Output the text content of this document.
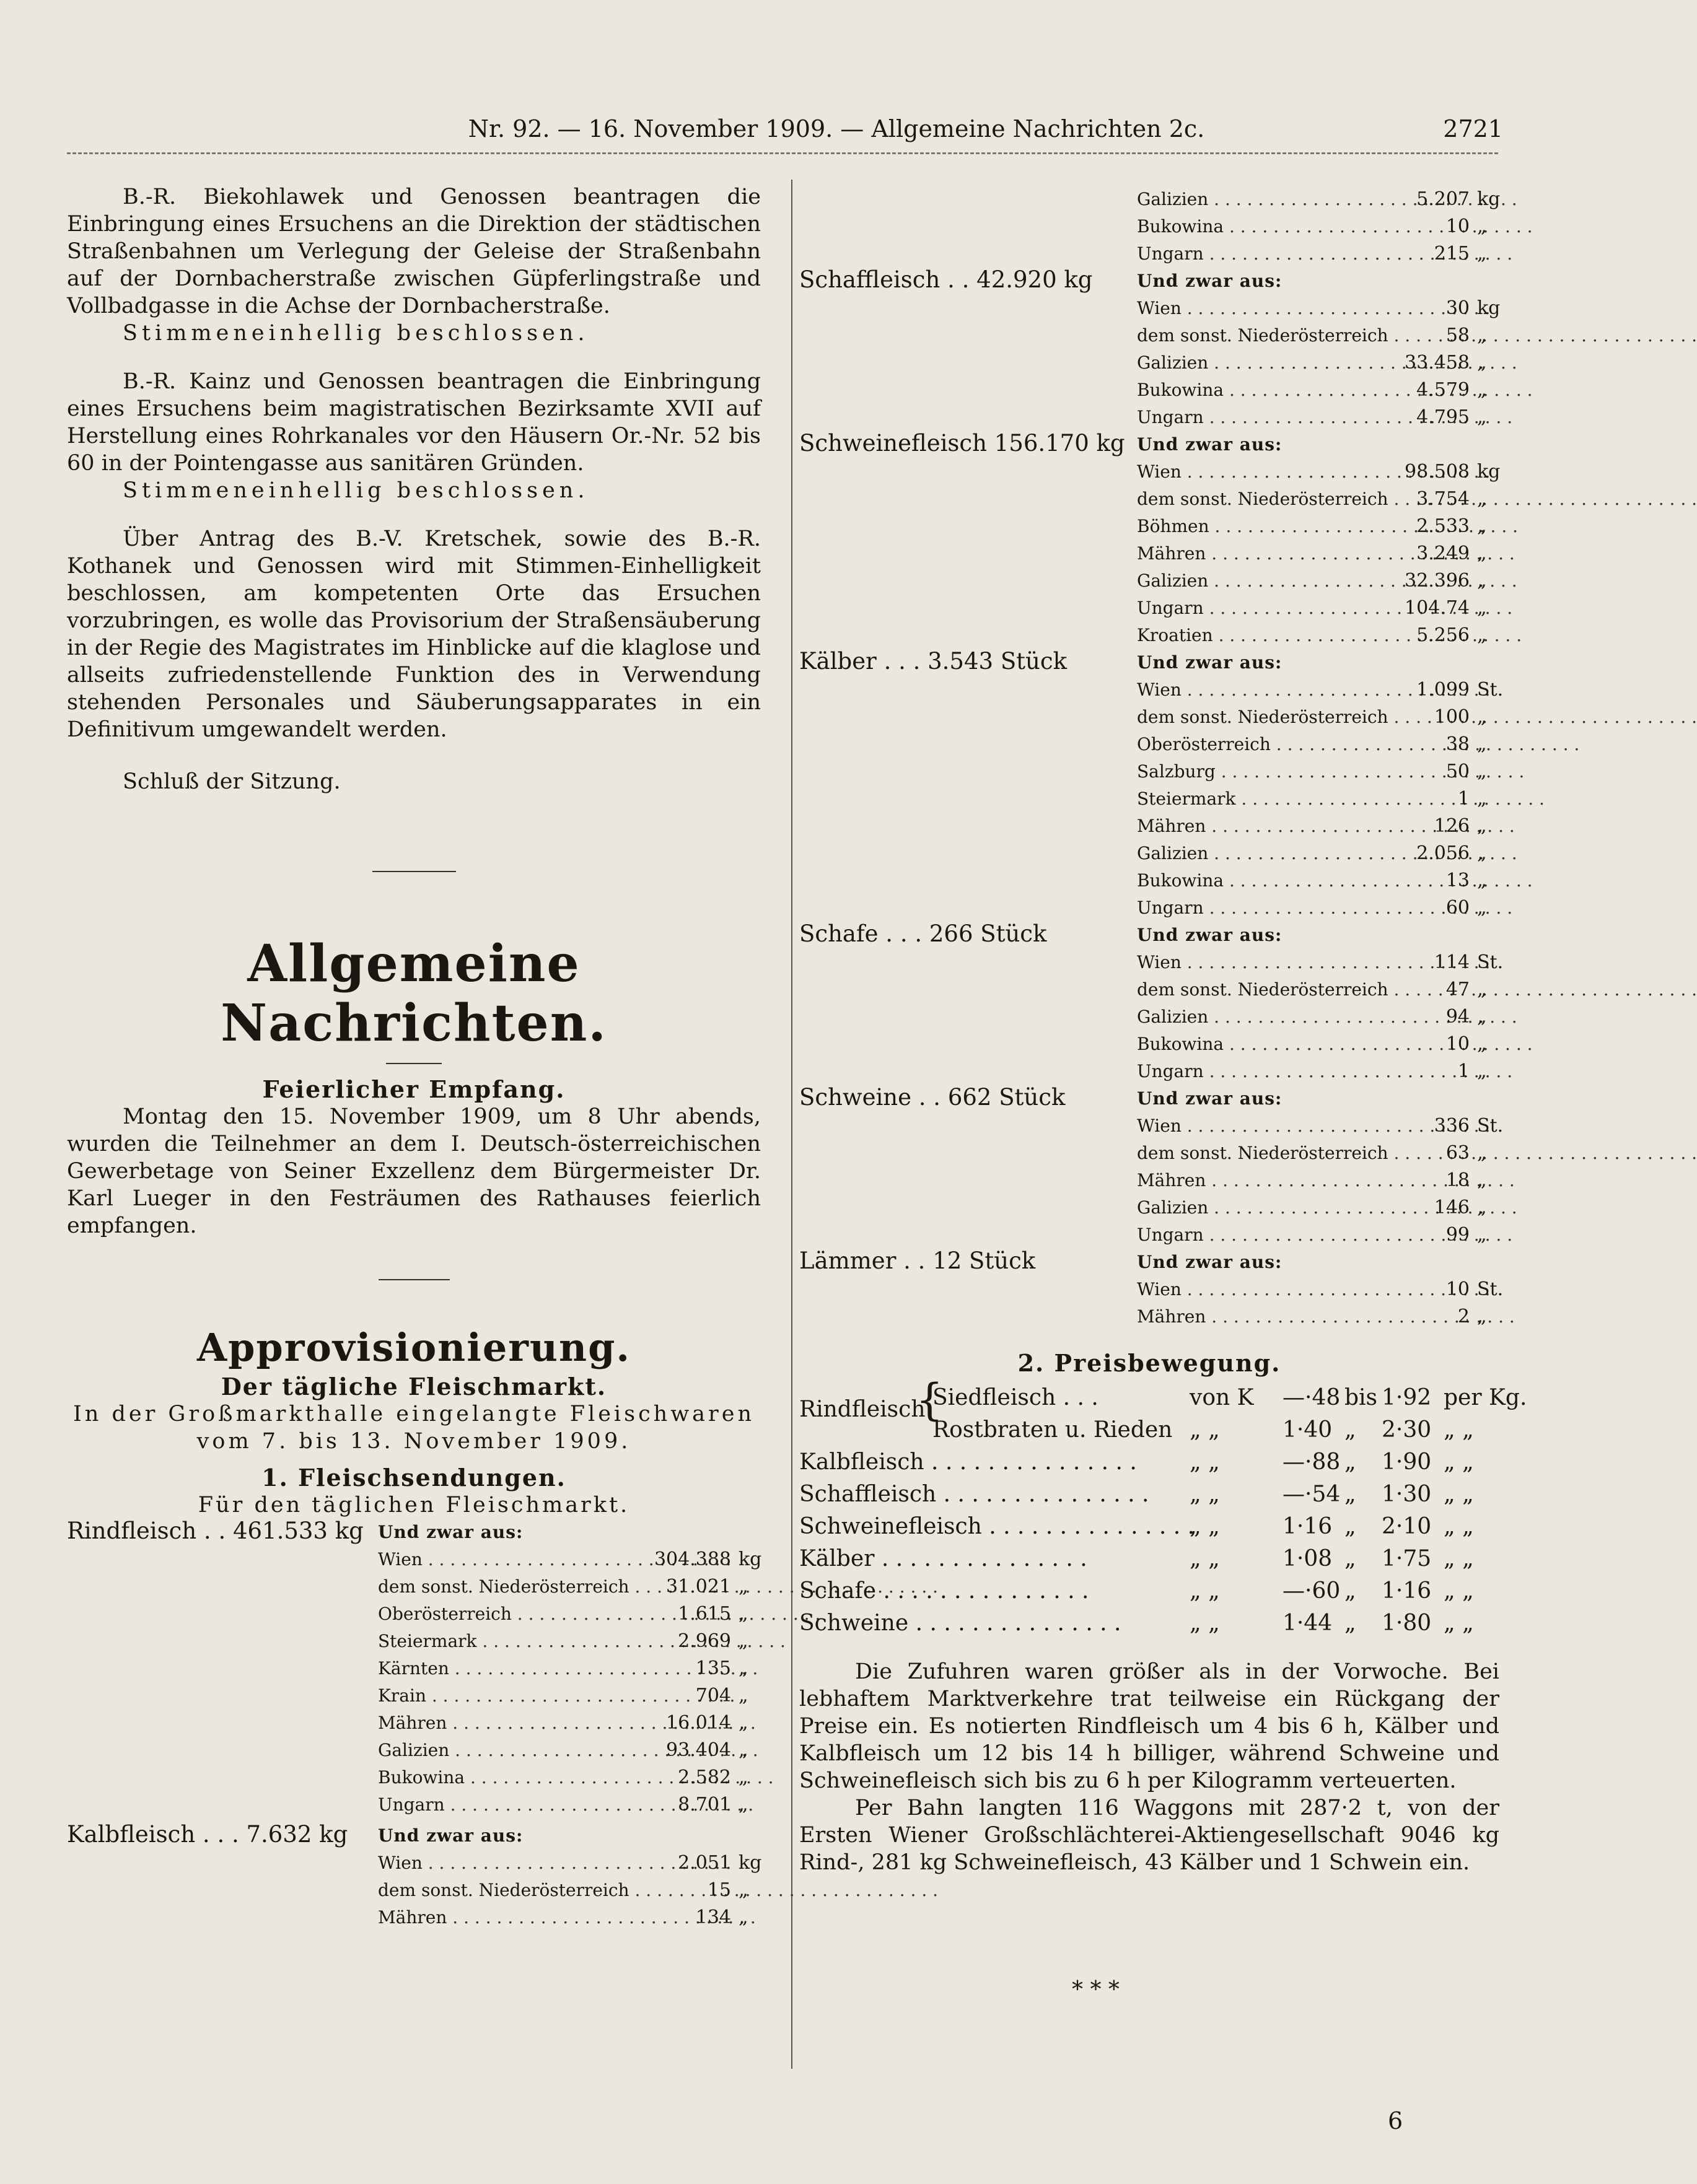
Nr. 92. — 16. November 1909. — Allgemeine Nachrichten 2c.	2721

B.-R. Biekohlawek und Genossen beantragen die Einbringung eines Ersuchens an die Direktion der städtischen Straßenbahnen um Verlegung der Geleise der Straßenbahn auf der Dornbacherstraße zwischen Güpferlingstraße und Vollbadgasse in die Achse der Dornbacherstraße.

Stimmeneinhellig beschlossen.

B.-R. Kainz und Genossen beantragen die Einbringung eines Ersuchens beim magistratischen Bezirksamte XVII auf Herstellung eines Rohrkanales vor den Häusern Or.-Nr. 52 bis 60 in der Pointengasse aus sanitären Gründen.

Stimmeneinhellig beschlossen.

Über Antrag des B.-V. Kretschek, sowie des B.-R. Kothanek und Genossen wird mit Stimmen-Einhelligkeit beschlossen, am kompetenten Orte das Ersuchen vorzubringen, es wolle das Provisorium der Straßensäuberung in der Regie des Magistrates im Hinblicke auf die klaglose und allseits zufriedenstellende Funktion des in Verwendung stehenden Personales und Säuberungsapparates in ein Definitivum umgewandelt werden.

Schluß der Sitzung.

Allgemeine Nachrichten.

Feierlicher Empfang.

Montag den 15. November 1909, um 8 Uhr abends, wurden die Teilnehmer an dem I. Deutsch-österreichischen Gewerbetage von Seiner Exzellenz dem Bürgermeister Dr. Karl Lueger in den Festräumen des Rathauses feierlich empfangen.

Approvisionierung.

Der tägliche Fleischmarkt.

In der Großmarkthalle eingelangte Fleischwaren vom 7. bis 13. November 1909.

1. Fleischsendungen.

Für den täglichen Fleischmarkt.

Rindfleisch . . 461.533 kg Und zwar aus:
Wien . . .	304.388 kg
dem sonst. Niederösterreich . . . 31.021 „
Oberösterreich . . .	1.615 „
Steiermark . . .	2.969 „
Kärnten . . .	135 „
Krain . . .	704 „
Mähren . . .	16.014 „
Galizien . . .	93.404 „
Bukowina . . .	2.582 „
Ungarn . . .	8.701 „
Kalbfleisch . . . 7.632 kg Und zwar aus:
Wien . . .	2.051 kg
dem sonst. Niederösterreich . . .	15 „
Mähren . . .	134 „
Galizien . . .	5.207 kg
Bukowina . . .	10 „
Ungarn . . .	215 „
Schaffleisch . . 42.920 kg	Und zwar aus:
Wien . . .	30 kg
dem sonst. Niederösterreich . . .	58 „
Galizien . . .	33.458 „
Bukowina . . .	4.579 „
Ungarn . . .	4.795 „
Schweinefleisch 156.170 kg Und zwar aus:
Wien . . .	98.508 kg
dem sonst. Niederösterreich . . . 3.754 „
Böhmen . . .	2.533 „
Mähren . . .	3.249 „
Galizien . . .	32.396 „
Ungarn . . .	104.74 „
Kroatien . . .	5.256 „
Kälber . . . 3.543 Stück	Und zwar aus:
Wien . . .	1.099 St.
dem sonst. Niederösterreich . . . 100 „
Oberösterreich . . .	38 „
Salzburg . . .	50 „
Steiermark . . .	1 „
Mähren . . .	126 „
Galizien . . .	2.056 „
Bukowina . . .	13 „
Ungarn . . .	60 „
Schafe . . . 266 Stück	Und zwar aus:
Wien . . .	114 St.
dem sonst. Niederösterreich . . .	47 „
Galizien . . .	94 „
Bukowina . . .	10 „
Ungarn . . .	1 „
Schweine . . 662 Stück	Und zwar aus:
Wien . . .	336 St.
dem sonst. Niederösterreich . . .	63 „
Mähren . . .	18 „
Galizien . . .	146 „
Ungarn . . .	99 „
Lämmer . . 12 Stück	Und zwar aus:
Wien . . .	10 St.
Mähren . . .	2 „

2. Preisbewegung.

Rindfleisch
{
Siedfleisch . . .	von K —·48 bis 1·92 per Kg.
Rostbraten u. Rieden „ „	1·40 „ 2·30 „ „
Kalbfleisch . . .	„ „	—·88 „ 1·90 „ „
Schaffleisch . . .	„ „	—·54 „ 1·30 „ „
Schweinefleisch . . .	„ „	1·16 „ 2·10 „ „
Kälber . . .	„ „	1·08 „ 1·75 „ „
Schafe . . .	„ „	—·60 „ 1·16 „ „
Schweine . . .	„ „	1·44 „ 1·80 „ „

Die Zufuhren waren größer als in der Vorwoche. Bei lebhaftem Marktverkehre trat teilweise ein Rückgang der Preise ein. Es notierten Rindfleisch um 4 bis 6 h, Kälber und Kalbfleisch um 12 bis 14 h billiger, während Schweine und Schweinefleisch sich bis zu 6 h per Kilogramm verteuerten.

Per Bahn langten 116 Waggons mit 287·2 t, von der Ersten Wiener Großschlächterei-Aktiengesellschaft 9046 kg Rind-, 281 kg Schweinefleisch, 43 Kälber und 1 Schwein ein.

* * *
6
